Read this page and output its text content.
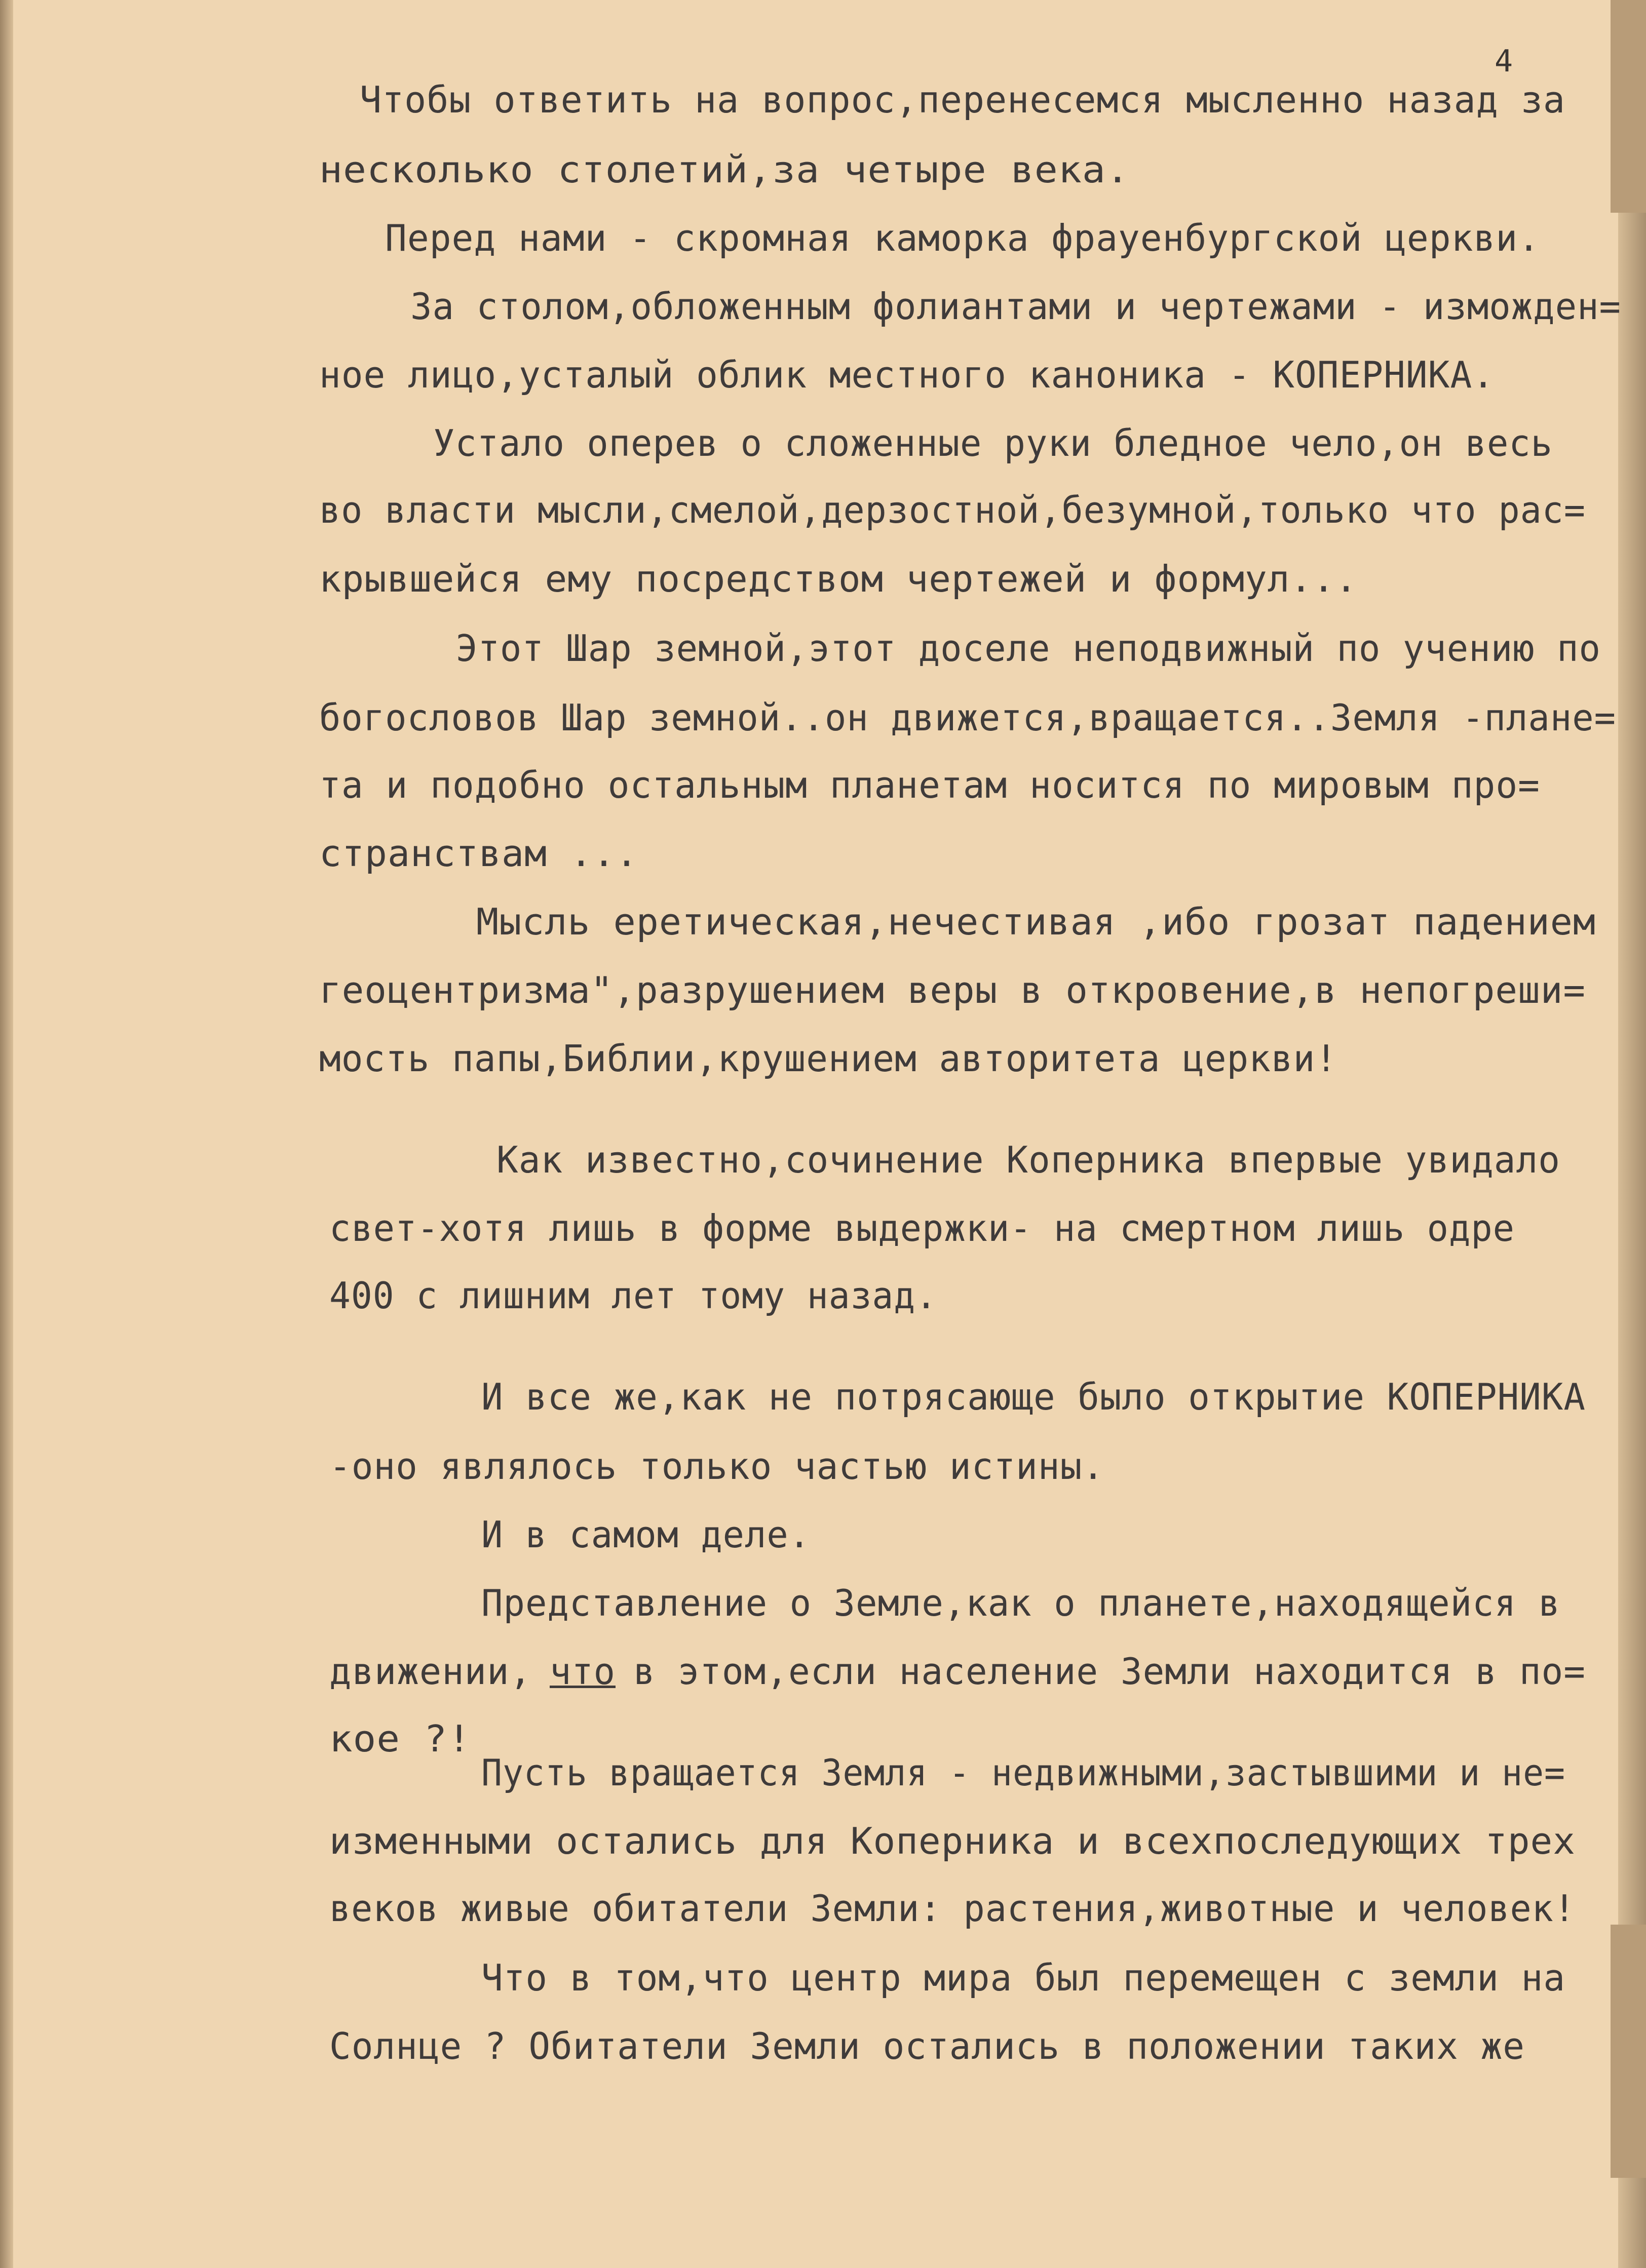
4
Чтобы ответить на вопрос,перенесемся мысленно назад за
несколько столетий,за четыре века.
Перед нами - скромная каморка фрауенбургской церкви.
За столом,обложенным фолиантами и чертежами - изможден=
ное лицо,усталый облик местного каноника - КОПЕРНИКА.
Устало оперев о сложенные руки бледное чело,он весь
во власти мысли,смелой,дерзостной,безумной,только что рас=
крывшейся ему посредством чертежей и формул...
Этот Шар земной,этот доселе неподвижный по учению по
богословов Шар земной..он движется,вращается..Земля -плане=
та и подобно остальным планетам носится по мировым про=
странствам ...
Мысль еретическая,нечестивая ,ибо грозат падением
геоцентризма",разрушением веры в откровение,в непогреши=
мость папы,Библии,крушением авторитета церкви!
Как известно,сочинение Коперника впервые увидало
свет-хотя лишь в форме выдержки- на смертном лишь одре
400 с лишним лет тому назад.
И все же,как не потрясающе было открытие КОПЕРНИКА
-оно являлось только частью истины.
И в самом деле.
Представление о Земле,как о планете,находящейся в
движении, что в этом,если население Земли находится в по=
кое ?!
Пусть вращается Земля - недвижными,застывшими и не=
изменными остались для Коперника и всехпоследующих трех
веков живые обитатели Земли: растения,животные и человек!
Что в том,что центр мира был перемещен с земли на
Солнце ? Обитатели Земли остались в положении таких же
